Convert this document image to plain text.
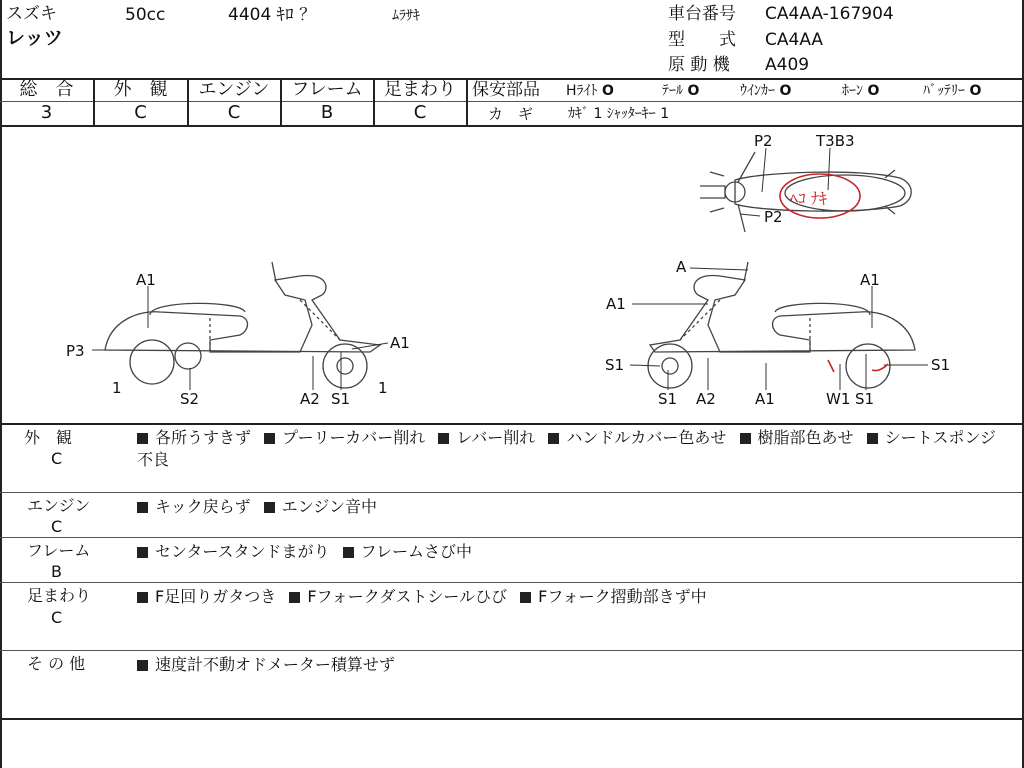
スズキ	50cc	4404 ｷﾛ ？	ﾑﾗｻｷ
レッツ
車台番号 CA4AA-167904
型　　式 CA4AA
原 動 機 A409
総　合	外　観	エンジン	フレーム	足まわり
3	C	C	B	C
保安部品 Hﾗｲﾄ O	ﾃｰﾙ O	ｳｲﾝｶｰ O	ﾎｰﾝ O	ﾊﾞｯﾃﾘｰ O
カ　ギ ｶｷﾞ 1 ｼｬｯﾀｰｷｰ 1
ﾍｺ ﾅｷ
P2	T3B3
P2
A1
P3
1
S2	A2 S1
A1
1
A
A1
A1
S1
S1 A2	A1	W1 S1
S1
外　観
C
各所うすきず プーリーカバー削れ レバー削れ ハンドルカバー色あせ 樹脂部色あせ シートスポンジ不良
エンジン
C
キック戻らず エンジン音中
フレーム
B
センタースタンドまがり フレームさび中
足まわり
C
F足回りガタつき Fフォークダストシールひび Fフォーク摺動部きず中
そ の 他	速度計不動オドメーター積算せず
